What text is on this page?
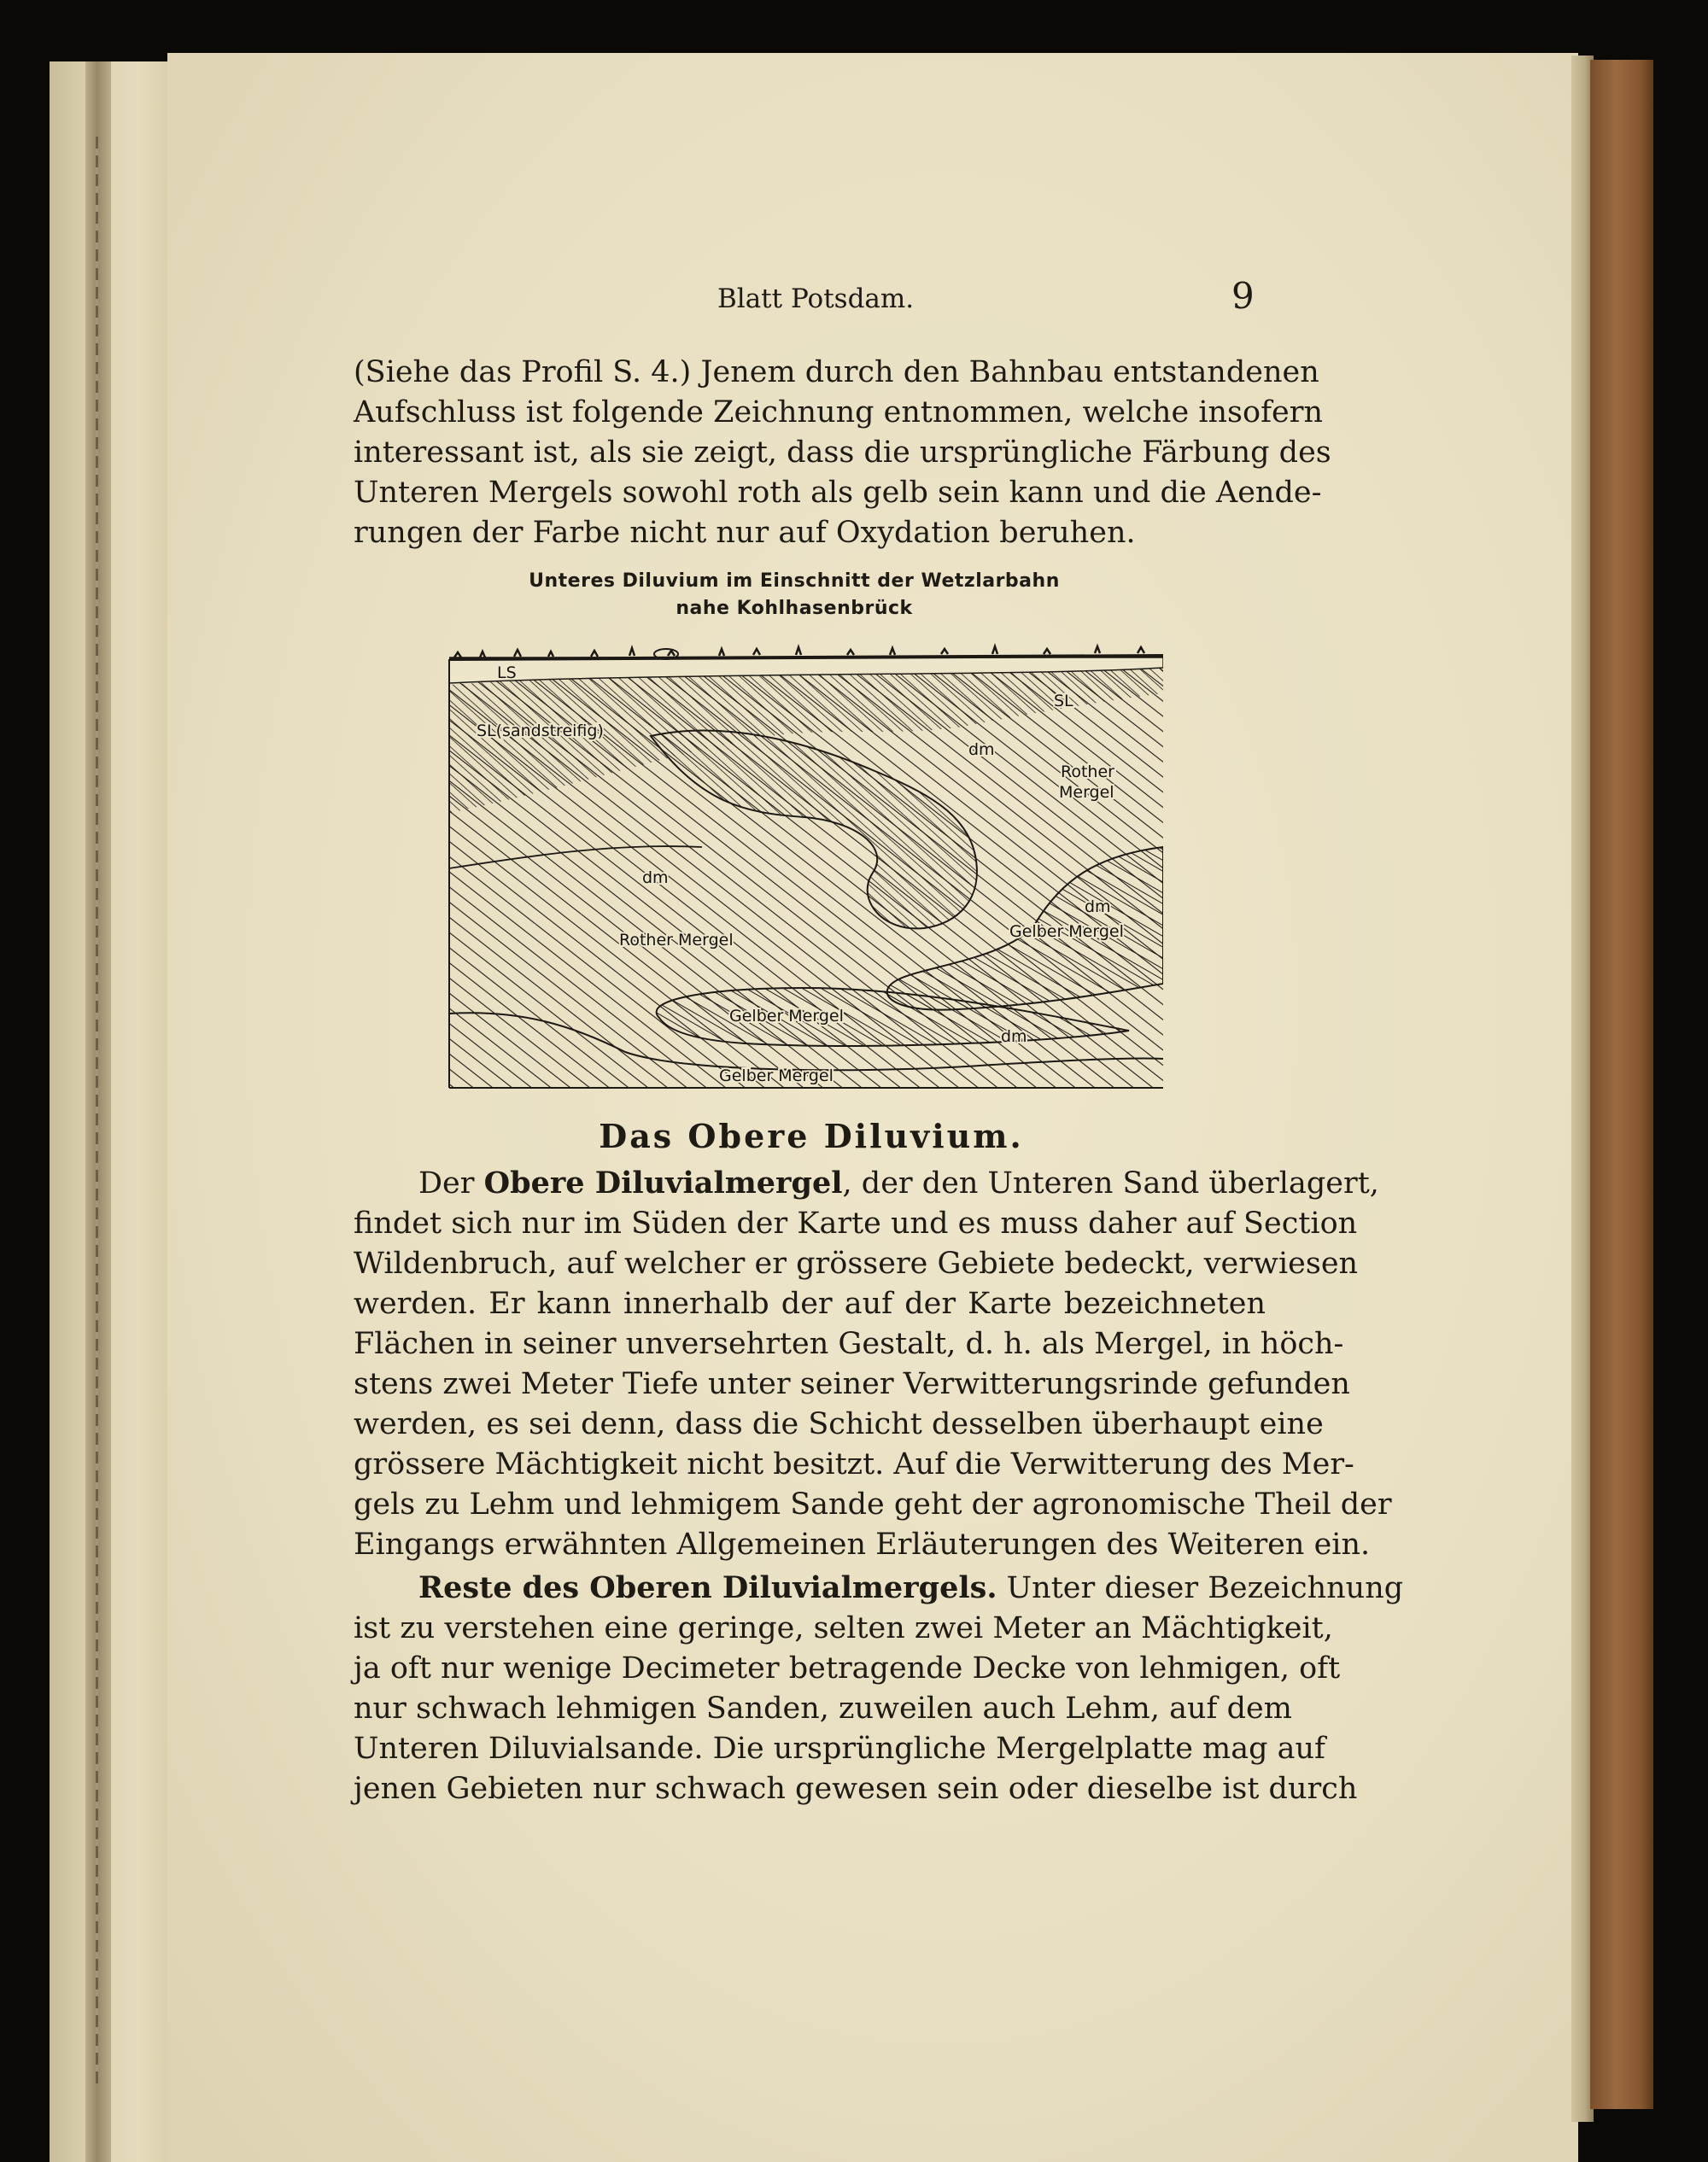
Blatt Potsdam.	9
(Siehe das Profil S. 4.) Jenem durch den Bahnbau entstandenen
Aufschluss ist folgende Zeichnung entnommen, welche insofern
interessant ist, als sie zeigt, dass die ursprüngliche Färbung des
Unteren Mergels sowohl roth als gelb sein kann und die Aende-
rungen der Farbe nicht nur auf Oxydation beruhen.
Unteres Diluvium im Einschnitt der Wetzlarbahn
nahe Kohlhasenbrück
LS
SL(sandstreifig)
SL
dm
Rother
Mergel
dm
dm
Rother Mergel	Gelber Mergel
Gelber Mergel
dm
Gelber Mergel
Das Obere Diluvium.
Der Obere Diluvialmergel, der den Unteren Sand überlagert,
findet sich nur im Süden der Karte und es muss daher auf Section
Wildenbruch, auf welcher er grössere Gebiete bedeckt, verwiesen
werden. Er kann innerhalb der auf der Karte bezeichneten
Flächen in seiner unversehrten Gestalt, d. h. als Mergel, in höch-
stens zwei Meter Tiefe unter seiner Verwitterungsrinde gefunden
werden, es sei denn, dass die Schicht desselben überhaupt eine
grössere Mächtigkeit nicht besitzt. Auf die Verwitterung des Mer-
gels zu Lehm und lehmigem Sande geht der agronomische Theil der
Eingangs erwähnten Allgemeinen Erläuterungen des Weiteren ein.
Reste des Oberen Diluvialmergels. Unter dieser Bezeichnung
ist zu verstehen eine geringe, selten zwei Meter an Mächtigkeit,
ja oft nur wenige Decimeter betragende Decke von lehmigen, oft
nur schwach lehmigen Sanden, zuweilen auch Lehm, auf dem
Unteren Diluvialsande. Die ursprüngliche Mergelplatte mag auf
jenen Gebieten nur schwach gewesen sein oder dieselbe ist durch
